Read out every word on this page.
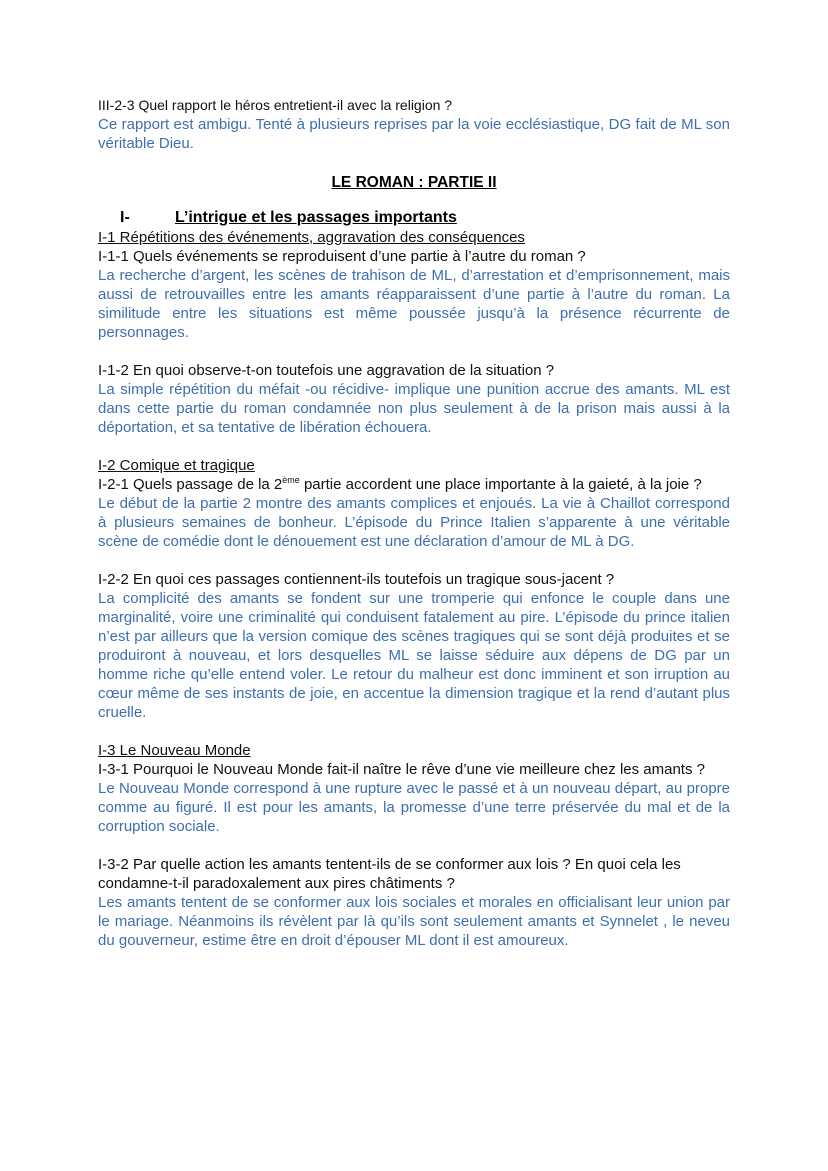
III-2-3 Quel rapport le héros entretient-il avec la religion ?
Ce rapport est ambigu. Tenté à plusieurs reprises par la voie ecclésiastique, DG fait de ML son véritable Dieu.
LE ROMAN : PARTIE II
I-	L’intrigue et les passages importants
I-1 Répétitions des événements, aggravation des conséquences
I-1-1 Quels événements se reproduisent d’une partie à l’autre du roman ?
La recherche d’argent, les scènes de trahison de ML, d’arrestation et d’emprisonnement, mais aussi de retrouvailles entre les amants réapparaissent d’une partie à l’autre du roman. La similitude entre les situations est même poussée jusqu’à la présence récurrente de personnages.
I-1-2 En quoi observe-t-on toutefois une aggravation de la situation ?
La simple répétition du méfait -ou récidive- implique une punition accrue des amants. ML est dans cette partie du roman condamnée non plus seulement à de la prison mais aussi à la déportation, et sa tentative de libération échouera.
I-2 Comique et tragique
I-2-1 Quels passage de la 2ème partie accordent une place importante à la gaieté, à la joie ?
Le début de la partie 2 montre des amants complices et enjoués. La vie à Chaillot correspond à plusieurs semaines de bonheur. L’épisode du Prince Italien s’apparente à une véritable scène de comédie dont le dénouement est une déclaration d’amour de ML à DG.
I-2-2 En quoi ces passages contiennent-ils toutefois un tragique sous-jacent ?
La complicité des amants se fondent sur une tromperie qui enfonce le couple dans une marginalité, voire une criminalité qui conduisent fatalement au pire. L’épisode du prince italien n’est par ailleurs que la version comique des scènes tragiques qui se sont déjà produites et se produiront à nouveau, et lors desquelles ML se laisse séduire aux dépens de DG par un homme riche qu’elle entend voler. Le retour du malheur est donc imminent et son irruption au cœur même de ses instants de joie, en accentue la dimension tragique et la rend d’autant plus cruelle.
I-3 Le Nouveau Monde
I-3-1 Pourquoi le Nouveau Monde fait-il naître le rêve d’une vie meilleure chez les amants ?
Le Nouveau Monde correspond à une rupture avec le passé et à un nouveau départ, au propre comme au figuré. Il est pour les amants, la promesse d’une terre préservée du mal et de la corruption sociale.
I-3-2 Par quelle action les amants tentent-ils de se conformer aux lois ? En quoi cela les condamne-t-il paradoxalement aux pires châtiments ?
Les amants tentent de se conformer aux lois sociales et morales en officialisant leur union par le mariage. Néanmoins ils révèlent par là qu’ils sont seulement amants et Synnelet , le neveu du gouverneur, estime être en droit d’épouser ML dont il est amoureux.
